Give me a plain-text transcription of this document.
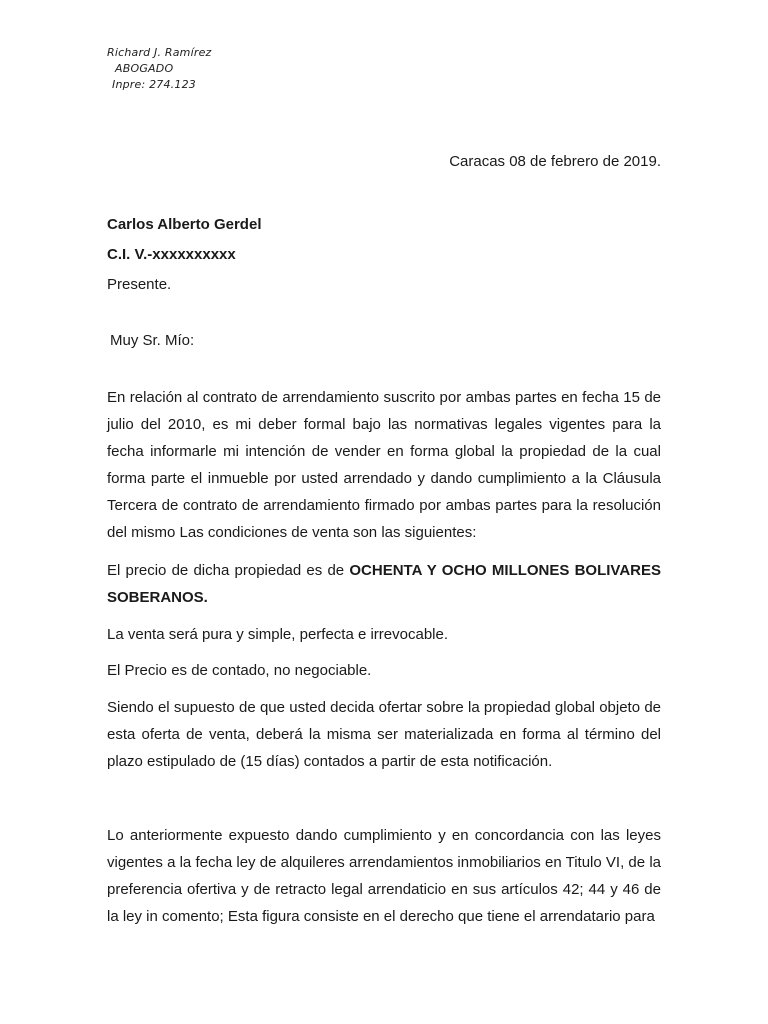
Richard J. Ramírez
ABOGADO
Inpre: 274.123
Caracas 08 de febrero de 2019.
Carlos Alberto Gerdel
C.I. V.-xxxxxxxxxx
Presente.
Muy Sr. Mío:

En relación al contrato de arrendamiento suscrito por ambas partes en fecha 15 de julio del 2010, es mi deber formal bajo las normativas legales vigentes para la fecha informarle mi intención de vender en forma global la propiedad de la cual forma parte el inmueble por usted arrendado y dando cumplimiento a la Cláusula Tercera de contrato de arrendamiento firmado por ambas partes para la resolución del mismo Las condiciones de venta son las siguientes:

El precio de dicha propiedad es de OCHENTA Y OCHO MILLONES BOLIVARES SOBERANOS.

La venta será pura y simple, perfecta e irrevocable.

El Precio es de contado, no negociable.

Siendo el supuesto de que usted decida ofertar sobre la propiedad global objeto de esta oferta de venta, deberá la misma ser materializada en forma al término del plazo estipulado de (15 días) contados a partir de esta notificación.

Lo anteriormente expuesto dando cumplimiento y en concordancia con las leyes vigentes a la fecha ley de alquileres arrendamientos inmobiliarios en Titulo VI, de la preferencia ofertiva y de retracto legal arrendaticio en sus artículos 42; 44 y 46 de la ley in comento; Esta figura consiste en el derecho que tiene el arrendatario para
